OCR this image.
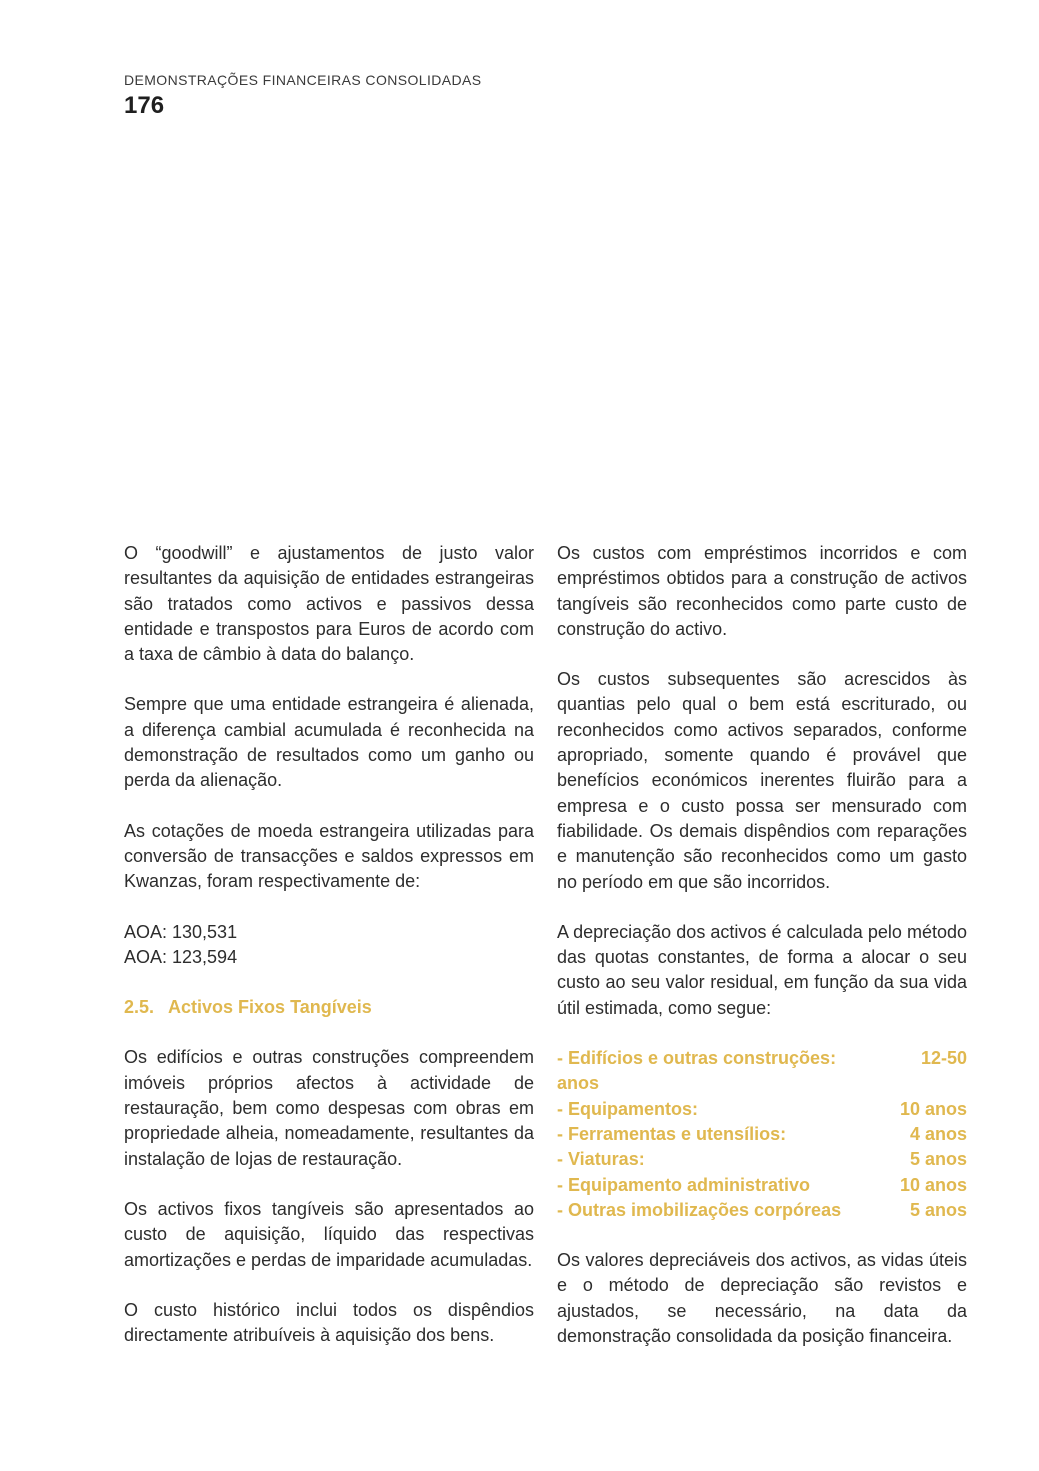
DEMONSTRAÇÕES FINANCEIRAS CONSOLIDADAS
176

O “goodwill” e ajustamentos de justo valor resultantes da aquisição de entidades estrangeiras são tratados como activos e passivos dessa entidade e transpostos para Euros de acordo com a taxa de câmbio à data do balanço.

Sempre que uma entidade estrangeira é alienada, a diferença cambial acumulada é reconhecida na demonstração de resultados como um ganho ou perda da alienação.

As cotações de moeda estrangeira utilizadas para conversão de transacções e saldos expressos em Kwanzas, foram respectivamente de:

AOA: 130,531

AOA: 123,594

2.5. Activos Fixos Tangíveis

Os edifícios e outras construções compreendem imóveis próprios afectos à actividade de restauração, bem como despesas com obras em propriedade alheia, nomeadamente, resultantes da instalação de lojas de restauração.

Os activos fixos tangíveis são apresentados ao custo de aquisição, líquido das respectivas amortizações e perdas de imparidade acumuladas.

O custo histórico inclui todos os dispêndios directamente atribuíveis à aquisição dos bens.

Os custos com empréstimos incorridos e com empréstimos obtidos para a construção de activos tangíveis são reconhecidos como parte custo de construção do activo.

Os custos subsequentes são acrescidos às quantias pelo qual o bem está escriturado, ou reconhecidos como activos separados, conforme apropriado, somente quando é provável que benefícios económicos inerentes fluirão para a empresa e o custo possa ser mensurado com fiabilidade. Os demais dispêndios com reparações e manutenção são reconhecidos como um gasto no período em que são incorridos.

A depreciação dos activos é calculada pelo método das quotas constantes, de forma a alocar o seu custo ao seu valor residual, em função da sua vida útil estimada, como segue:

- Edifícios e outras construções:	12-50
anos
- Equipamentos:	10 anos
- Ferramentas e utensílios:	4 anos
- Viaturas:	5 anos
- Equipamento administrativo	10 anos
- Outras imobilizações corpóreas	5 anos

Os valores depreciáveis dos activos, as vidas úteis e o método de depreciação são revistos e ajustados, se necessário, na data da demonstração consolidada da posição financeira.
